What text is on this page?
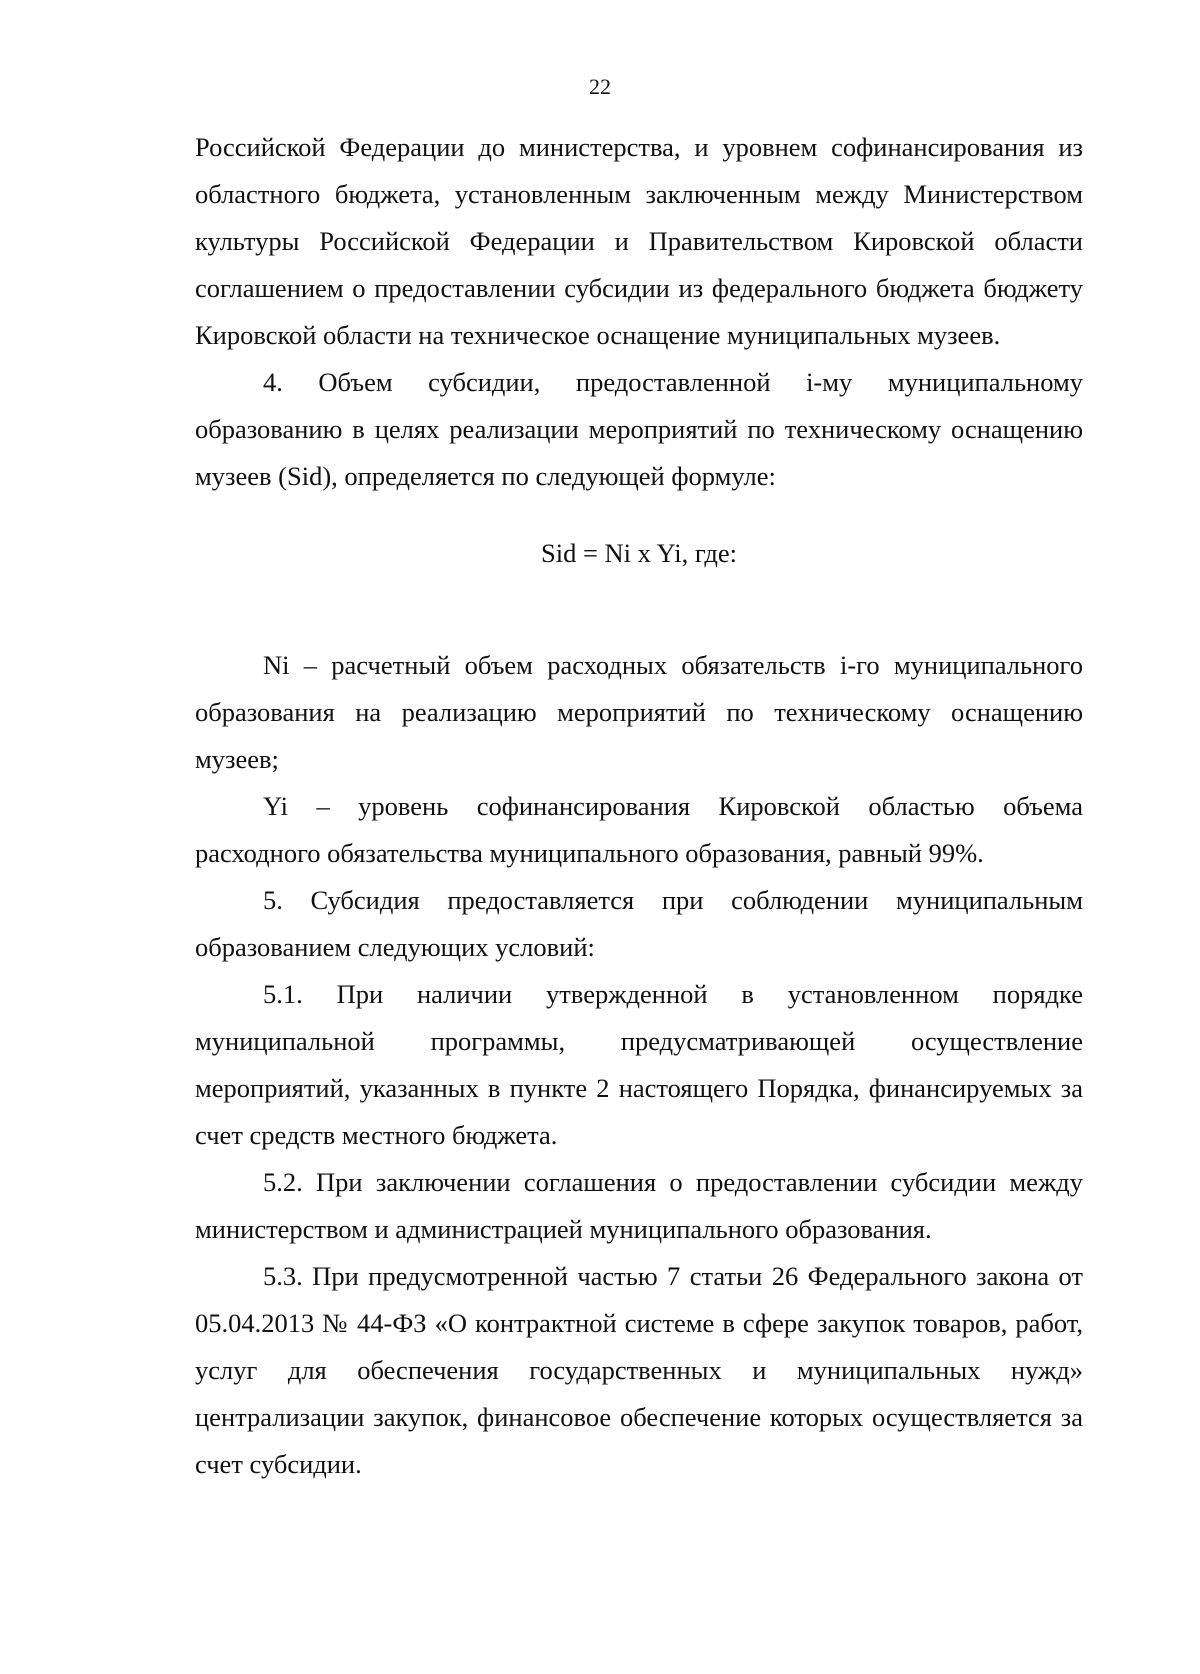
22

Российской Федерации до министерства, и уровнем софинансирования из областного бюджета, установленным заключенным между Министерством культуры Российской Федерации и Правительством Кировской области соглашением о предоставлении субсидии из федерального бюджета бюджету Кировской области на техническое оснащение муниципальных музеев.

4. Объем субсидии, предоставленной i-му муниципальному образованию в целях реализации мероприятий по техническому оснащению музеев (Sid), определяется по следующей формуле:

Sid = Ni x Yi, где:

Ni – расчетный объем расходных обязательств i-го муниципального образования на реализацию мероприятий по техническому оснащению музеев;

Yi – уровень софинансирования Кировской областью объема расходного обязательства муниципального образования, равный 99%.

5. Субсидия предоставляется при соблюдении муниципальным образованием следующих условий:

5.1. При наличии утвержденной в установленном порядке муниципальной программы, предусматривающей осуществление мероприятий, указанных в пункте 2 настоящего Порядка, финансируемых за счет средств местного бюджета.

5.2. При заключении соглашения о предоставлении субсидии между министерством и администрацией муниципального образования.

5.3. При предусмотренной частью 7 статьи 26 Федерального закона от 05.04.2013 № 44-ФЗ «О контрактной системе в сфере закупок товаров, работ, услуг для обеспечения государственных и муниципальных нужд» централизации закупок, финансовое обеспечение которых осуществляется за счет субсидии.
